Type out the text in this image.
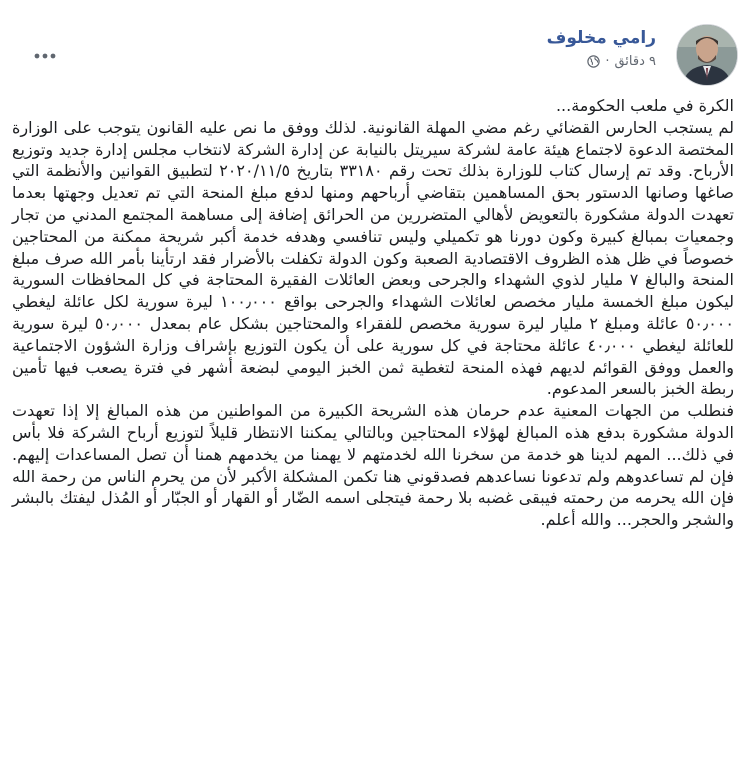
رامي مخلوف
٩ دقائق
·

الكرة في ملعب الحكومة...

لم يستجب الحارس القضائي رغم مضي المهلة القانونية. لذلك ووفق ما نص عليه القانون يتوجب على الوزارة المختصة الدعوة لاجتماع هيئة عامة لشركة سيريتل بالنيابة عن إدارة الشركة لانتخاب مجلس إدارة جديد وتوزيع الأرباح. وقد تم إرسال كتاب للوزارة بذلك تحت رقم ٣٣١٨٠ بتاريخ ٢٠٢٠/١١/٥ لتطبيق القوانين والأنظمة التي صاغها وصانها الدستور بحق المساهمين بتقاضي أرباحهم ومنها لدفع مبلغ المنحة التي تم تعديل وجهتها بعدما تعهدت الدولة مشكورة بالتعويض لأهالي المتضررين من الحرائق إضافة إلى مساهمة المجتمع المدني من تجار وجمعيات بمبالغ كبيرة وكون دورنا هو تكميلي وليس تنافسي وهدفه خدمة أكبر شريحة ممكنة من المحتاجين خصوصاً في ظل هذه الظروف الاقتصادية الصعبة وكون الدولة تكفلت بالأضرار فقد ارتأينا بأمر الله صرف مبلغ المنحة والبالغ ٧ مليار لذوي الشهداء والجرحى وبعض العائلات الفقيرة المحتاجة في كل المحافظات السورية ليكون مبلغ الخمسة مليار مخصص لعائلات الشهداء والجرحى بواقع ١٠٠٫٠٠٠ ليرة سورية لكل عائلة ليغطي ٥٠٫٠٠٠ عائلة ومبلغ ٢ مليار ليرة سورية مخصص للفقراء والمحتاجين بشكل عام بمعدل ٥٠٫٠٠٠ ليرة سورية للعائلة ليغطي ٤٠٫٠٠٠ عائلة محتاجة في كل سورية على أن يكون التوزيع بإشراف وزارة الشؤون الاجتماعية والعمل ووفق القوائم لديهم فهذه المنحة لتغطية ثمن الخبز اليومي لبضعة أشهر في فترة يصعب فيها تأمين ربطة الخبز بالسعر المدعوم.

فنطلب من الجهات المعنية عدم حرمان هذه الشريحة الكبيرة من المواطنين من هذه المبالغ إلا إذا تعهدت الدولة مشكورة بدفع هذه المبالغ لهؤلاء المحتاجين وبالتالي يمكننا الانتظار قليلاً لتوزيع أرباح الشركة فلا بأس في ذلك... المهم لدينا هو خدمة من سخرنا الله لخدمتهم لا يهمنا من يخدمهم همنا أن تصل المساعدات إليهم. فإن لم تساعدوهم ولم تدعونا نساعدهم فصدقوني هنا تكمن المشكلة الأكبر لأن من يحرم الناس من رحمة الله فإن الله يحرمه من رحمته فيبقى غضبه بلا رحمة فيتجلى اسمه الضّار أو القهار أو الجبّار أو المُذل ليفتك بالبشر والشجر والحجر... والله أعلم.
